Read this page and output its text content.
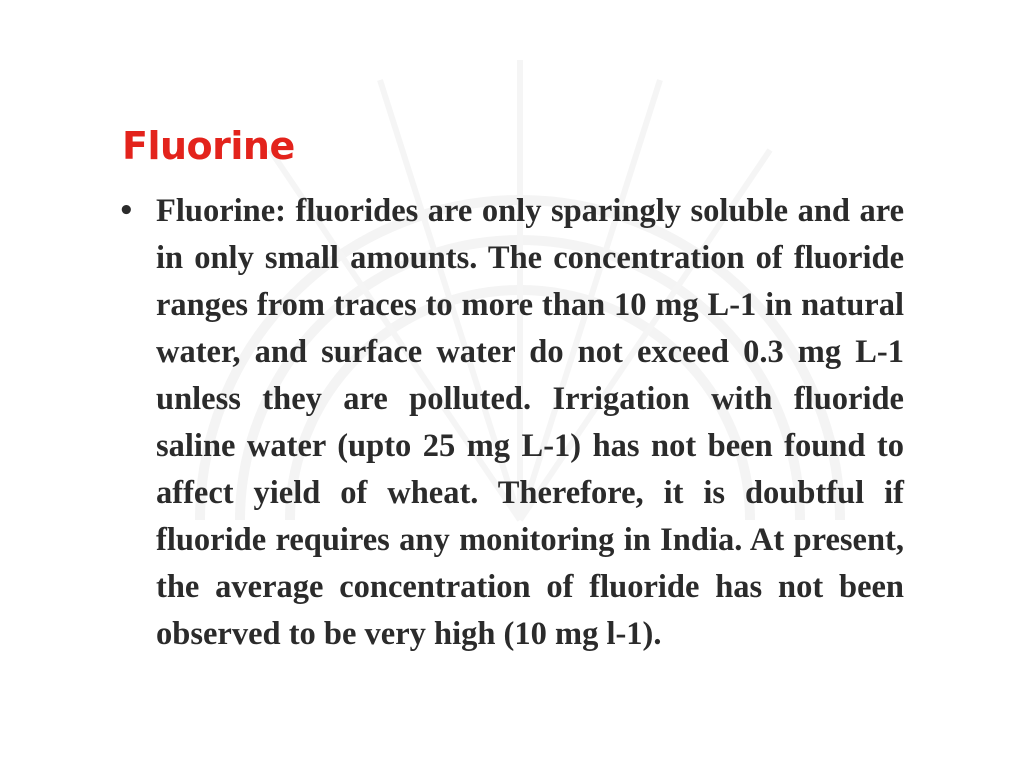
Fluorine
• Fluorine: fluorides are only sparingly soluble and are in only small amounts. The concentration of fluoride ranges from traces to more than 10 mg L-1 in natural water, and surface water do not exceed 0.3 mg L-1 unless they are polluted. Irrigation with fluoride saline water (upto 25 mg L-1) has not been found to affect yield of wheat. Therefore, it is doubtful if fluoride requires any monitoring in India. At present, the average concentration of fluoride has not been observed to be very high (10 mg l-1).
